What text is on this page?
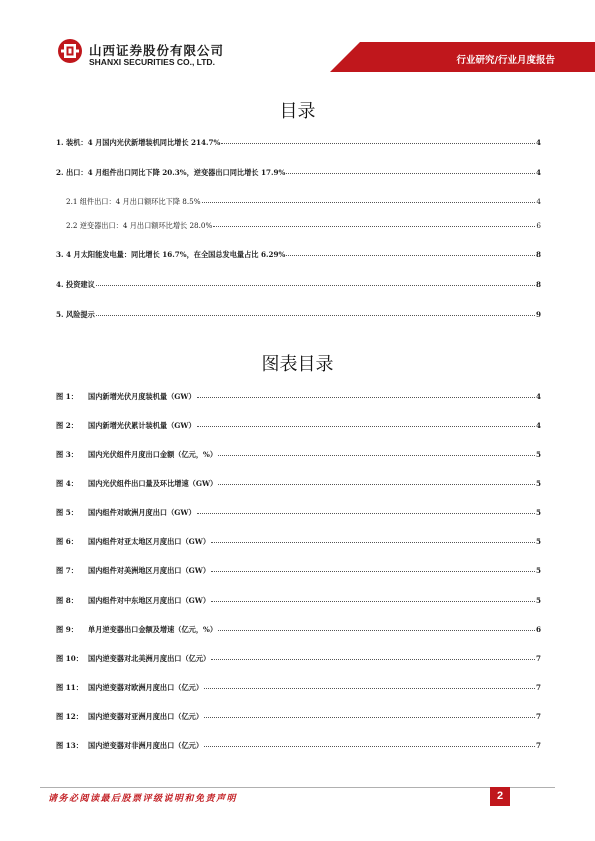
山西证券股份有限公司
SHANXI SECURITIES CO., LTD.	行业研究/行业月度报告
目录
1. 装机：4 月国内光伏新增装机同比增长 214.7%	4
2. 出口：4 月组件出口同比下降 20.3%，逆变器出口同比增长 17.9%	4
2.1 组件出口：4 月出口额环比下降 8.5%	4
2.2 逆变器出口：4 月出口额环比增长 28.0%	6
3. 4 月太阳能发电量：同比增长 16.7%，在全国总发电量占比 6.29%	8
4. 投资建议	8
5. 风险提示	9
图表目录
图 1： 国内新增光伏月度装机量（GW）	4
图 2： 国内新增光伏累计装机量（GW）	4
图 3： 国内光伏组件月度出口金额（亿元，%）	5
图 4： 国内光伏组件出口量及环比增速（GW）	5
图 5： 国内组件对欧洲月度出口（GW）	5
图 6： 国内组件对亚太地区月度出口（GW）	5
图 7： 国内组件对美洲地区月度出口（GW）	5
图 8： 国内组件对中东地区月度出口（GW）	5
图 9： 单月逆变器出口金额及增速（亿元，%）	6
图 10： 国内逆变器对北美洲月度出口（亿元）	7
图 11： 国内逆变器对欧洲月度出口（亿元）	7
图 12： 国内逆变器对亚洲月度出口（亿元）	7
图 13： 国内逆变器对非洲月度出口（亿元）	7
请务必阅读最后股票评级说明和免责声明	2
